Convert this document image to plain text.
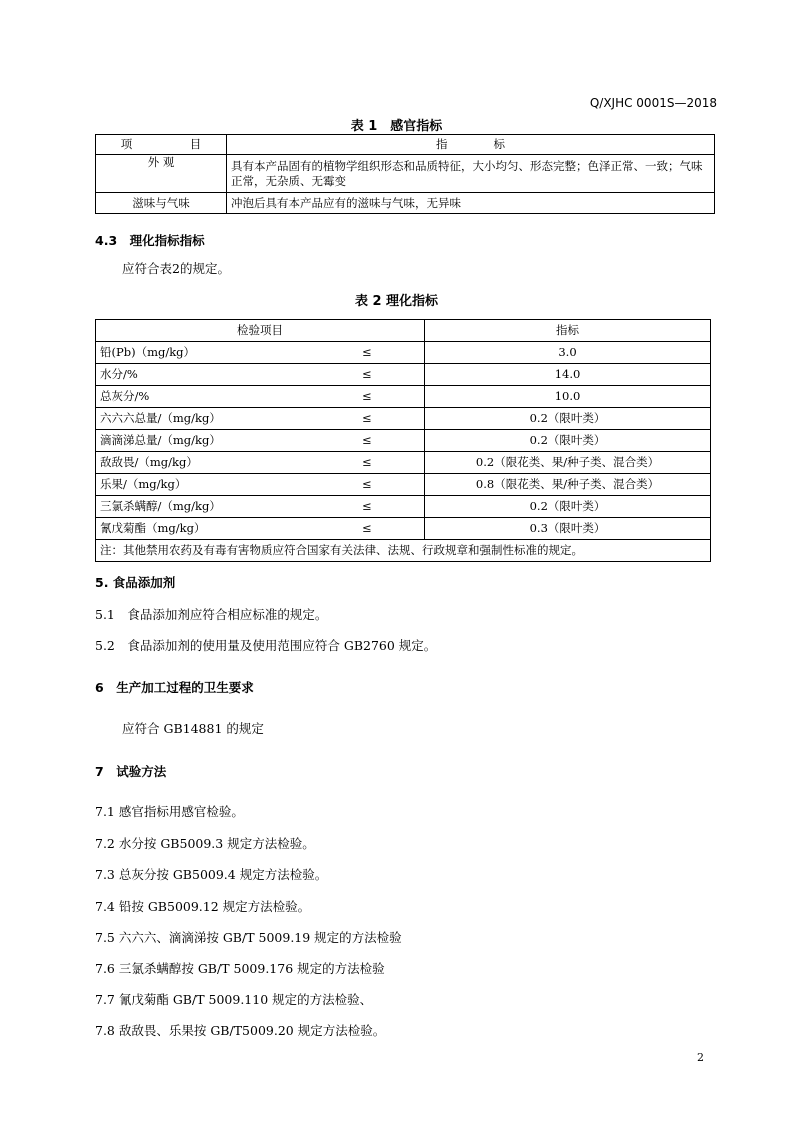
Q/XJHC 0001S—2018
表 1　感官指标
项　　　　　目	指　　　　标
外 观	具有本产品固有的植物学组织形态和品质特征，大小均匀、形态完整；色泽正常、一致；气味正常，无杂质、无霉变
滋味与气味	冲泡后具有本产品应有的滋味与气味，无异味
4.3　理化指标指标
应符合表2的规定。
表 2 理化指标
检验项目	指标
铅(Pb)（mg/kg） ≤	3.0
水分/% ≤	14.0
总灰分/% ≤	10.0
六六六总量/（mg/kg） ≤	0.2（限叶类）
滴滴涕总量/（mg/kg） ≤	0.2（限叶类）
敌敌畏/（mg/kg） ≤	0.2（限花类、果/种子类、混合类）
乐果/（mg/kg） ≤	0.8（限花类、果/种子类、混合类）
三氯杀螨醇/（mg/kg） ≤	0.2（限叶类）
氰戊菊酯（mg/kg） ≤	0.3（限叶类）
注：其他禁用农药及有毒有害物质应符合国家有关法律、法规、行政规章和强制性标准的规定。	
5. 食品添加剂
5.1　食品添加剂应符合相应标准的规定。
5.2　食品添加剂的使用量及使用范围应符合 GB2760 规定。
6　生产加工过程的卫生要求
应符合 GB14881 的规定
7　试验方法
7.1 感官指标用感官检验。
7.2 水分按 GB5009.3 规定方法检验。
7.3 总灰分按 GB5009.4 规定方法检验。
7.4 铅按 GB5009.12 规定方法检验。
7.5 六六六、滴滴涕按 GB/T 5009.19 规定的方法检验
7.6 三氯杀螨醇按 GB/T 5009.176 规定的方法检验
7.7 氰戊菊酯 GB/T 5009.110 规定的方法检验、
7.8 敌敌畏、乐果按 GB/T5009.20 规定方法检验。
2
